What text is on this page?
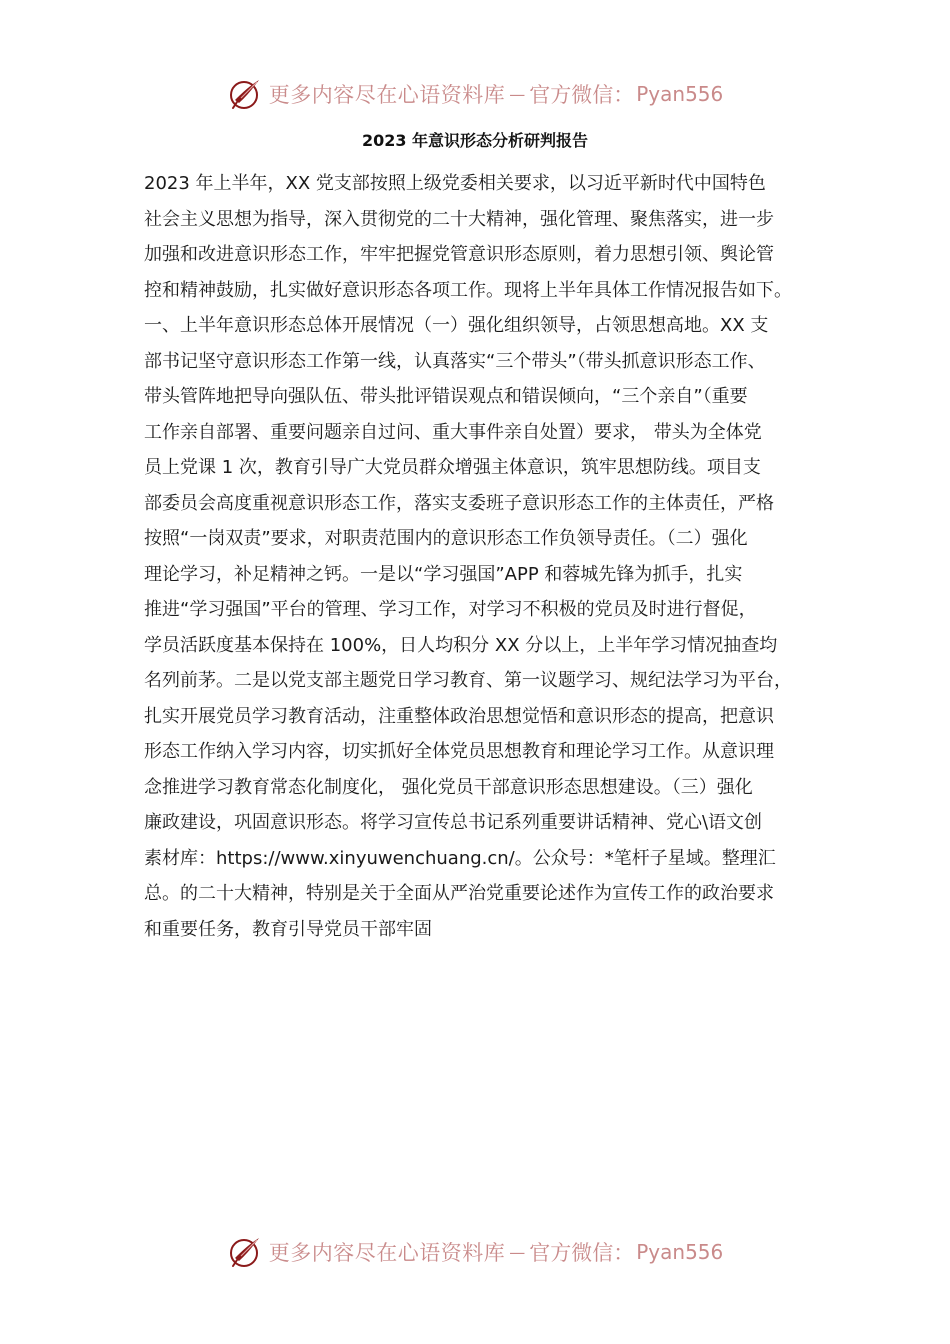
更多内容尽在心语资料库 — 官方微信： Pyan556
2023 年意识形态分析研判报告
2023 年上半年，XX 党支部按照上级党委相关要求，以习近平新时代中国特色
社会主义思想为指导，深入贯彻党的二十大精神，强化管理、聚焦落实，进一步
加强和改进意识形态工作，牢牢把握党管意识形态原则，着力思想引领、舆论管
控和精神鼓励，扎实做好意识形态各项工作。现将上半年具体工作情况报告如下。
一、上半年意识形态总体开展情况（一）强化组织领导，占领思想高地。XX 支
部书记坚守意识形态工作第一线，认真落实“三个带头”（带头抓意识形态工作、
带头管阵地把导向强队伍、带头批评错误观点和错误倾向，“三个亲自”（重要
工作亲自部署、重要问题亲自过问、重大事件亲自处置）要求， 带头为全体党
员上党课 1 次，教育引导广大党员群众增强主体意识，筑牢思想防线。项目支
部委员会高度重视意识形态工作，落实支委班子意识形态工作的主体责任，严格
按照“一岗双责”要求，对职责范围内的意识形态工作负领导责任。（二）强化
理论学习，补足精神之钙。一是以“学习强国”APP 和蓉城先锋为抓手，扎实
推进“学习强国”平台的管理、学习工作，对学习不积极的党员及时进行督促，
学员活跃度基本保持在 100%，日人均积分 XX 分以上，上半年学习情况抽查均
名列前茅。二是以党支部主题党日学习教育、第一议题学习、规纪法学习为平台，
扎实开展党员学习教育活动，注重整体政治思想觉悟和意识形态的提高，把意识
形态工作纳入学习内容，切实抓好全体党员思想教育和理论学习工作。从意识理
念推进学习教育常态化制度化， 强化党员干部意识形态思想建设。（三）强化
廉政建设，巩固意识形态。将学习宣传总书记系列重要讲话精神、党心\语文创
素材库：https://www.xinyuwenchuang.cn/。公众号：*笔杆子星域。整理汇
总。的二十大精神，特别是关于全面从严治党重要论述作为宣传工作的政治要求
和重要任务，教育引导党员干部牢固
更多内容尽在心语资料库 — 官方微信： Pyan556
